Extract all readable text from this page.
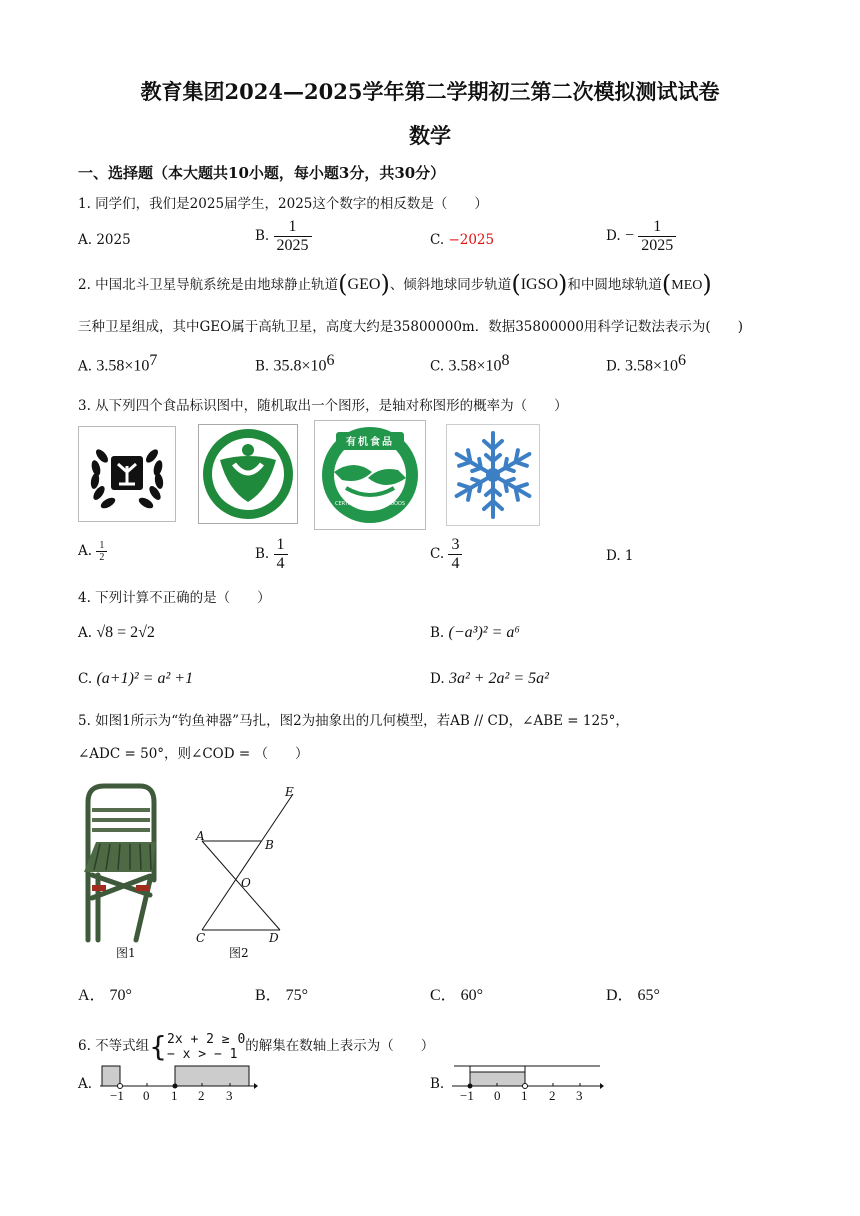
教育集团2024—2025学年第二学期初三第二次模拟测试试卷
数学
一、选择题（本大题共10小题，每小题3分，共30分）
1. 同学们，我们是2025届学生，2025这个数字的相反数是（　　）
A. 2025	B. $\frac{1}{2025}$	C. −2025	D. − $\frac{1}{2025}$
2. 中国北斗卫星导航系统是由地球静止轨道(GEO)、倾斜地球同步轨道(IGSO)和中圆地球轨道(MEO)
三种卫星组成，其中GEO属于高轨卫星，高度大约是35800000m．数据35800000用科学记数法表示为(　　)
A. $3.58\times 10^7$	B. $35.8\times 10^6$	C. $3.58\times 10^8$	D. $3.58\times 10^6$
3. 从下列四个食品标识图中，随机取出一个图形，是轴对称图形的概率为（　　）
有机食品
CERTIFIED ORGANIC FOODS
A. $\frac{1}{2}$	B. $\frac{1}{4}$	C. $\frac{3}{4}$	D. 1
4. 下列计算不正确的是（　　）
A. √8 = 2√2	B. (−a³)² = a⁶
C. (a+1)² = a² +1	D. 3a² + 2a² = 5a²
5. 如图1所示为“钓鱼神器”马扎，图2为抽象出的几何模型，若AB // CD，∠ABE = 125°，
∠ADC = 50°，则∠COD = （　　）
图1
A
B
C	D
E
O
图2
A． 70°	B． 75°	C． 60°	D． 65°
6. 不等式组{ 2x + 2 ≥ 0
− x > − 1 的解集在数轴上表示为（　　）
A.
−1 0 1 2 3
B.
−1 0 1 2 3
